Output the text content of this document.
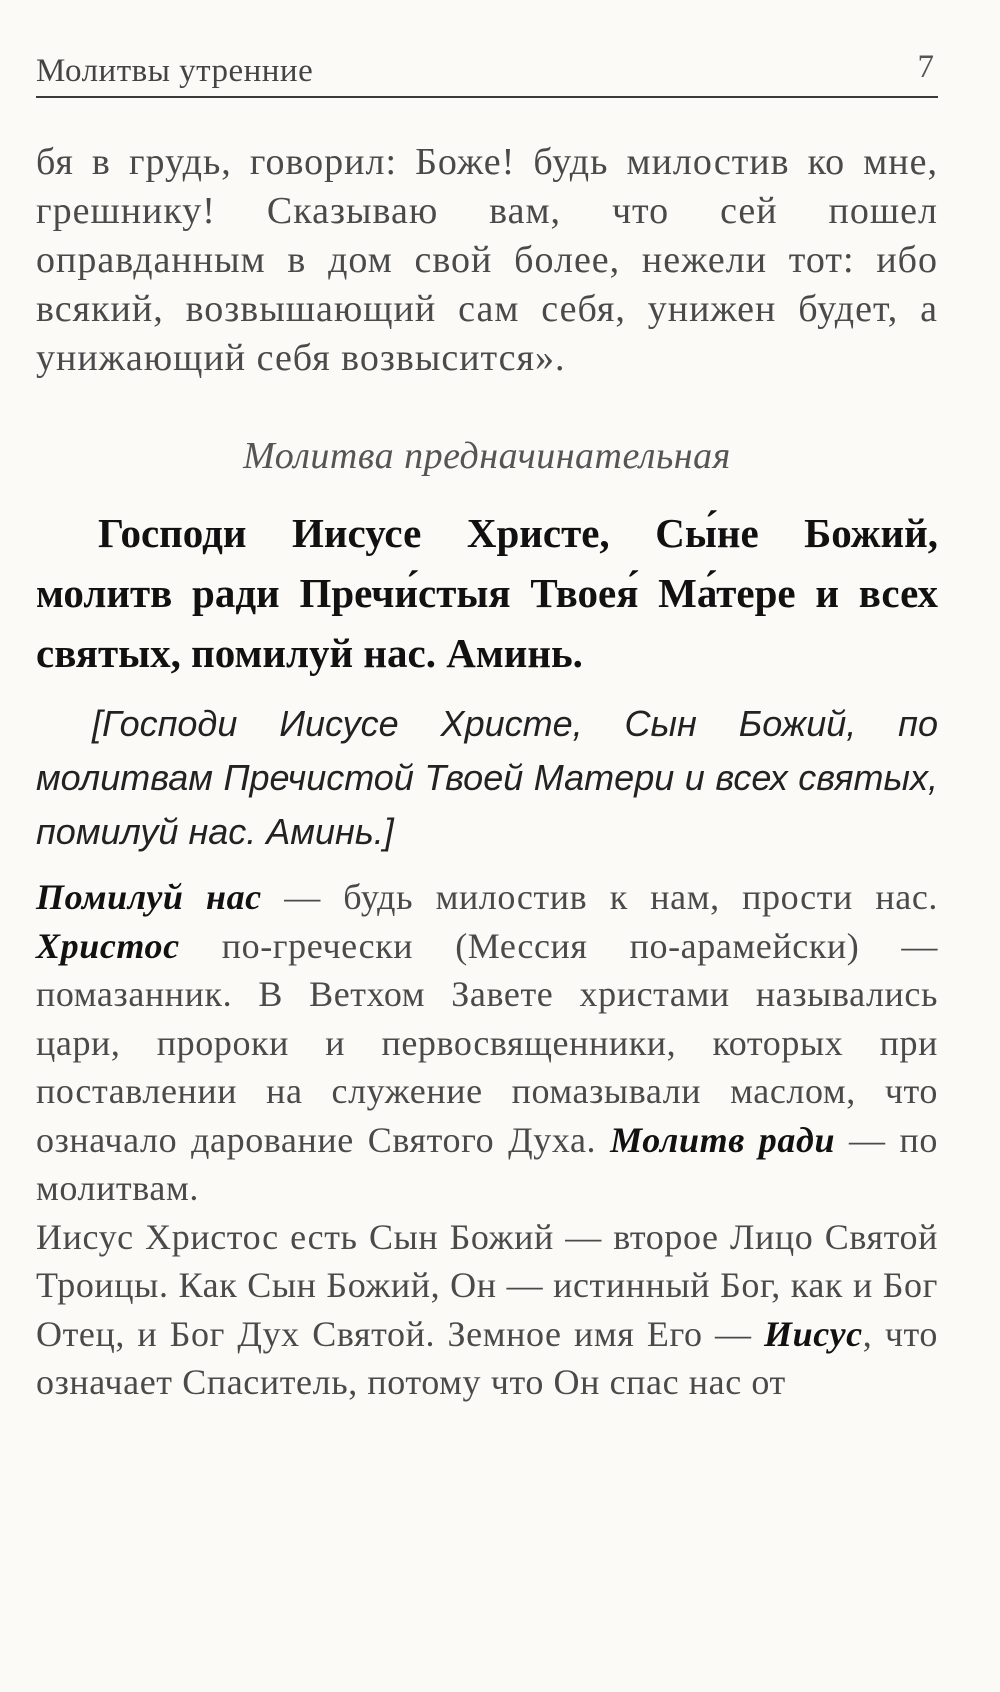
Молитвы утренние	7

бя в грудь, говорил: Боже! будь милостив ко мне, грешнику! Сказываю вам, что сей пошел оправданным в дом свой более, нежели тот: ибо всякий, возвышающий сам себя, унижен будет, а унижающий себя возвысится».

Молитва предначинательная

Господи Иисусе Христе, Сы́не Божий, молитв ради Пречи́стыя Твоея́ Ма́тере и всех святых, помилуй нас. Аминь.

[Господи Иисусе Христе, Сын Божий, по молитвам Пречистой Твоей Матери и всех святых, помилуй нас. Аминь.]

Помилуй нас — будь милостив к нам, прости нас. Христос по-гречески (Мессия по-арамейски) — помазанник. В Ветхом Завете христами назывались цари, пророки и первосвященники, которых при поставлении на служение помазывали маслом, что означало дарование Святого Духа. Молитв ради — по молитвам.

Иисус Христос есть Сын Божий — второе Лицо Святой Троицы. Как Сын Божий, Он — истинный Бог, как и Бог Отец, и Бог Дух Святой. Земное имя Его — Иисус, что означает Спаситель, потому что Он спас нас от
